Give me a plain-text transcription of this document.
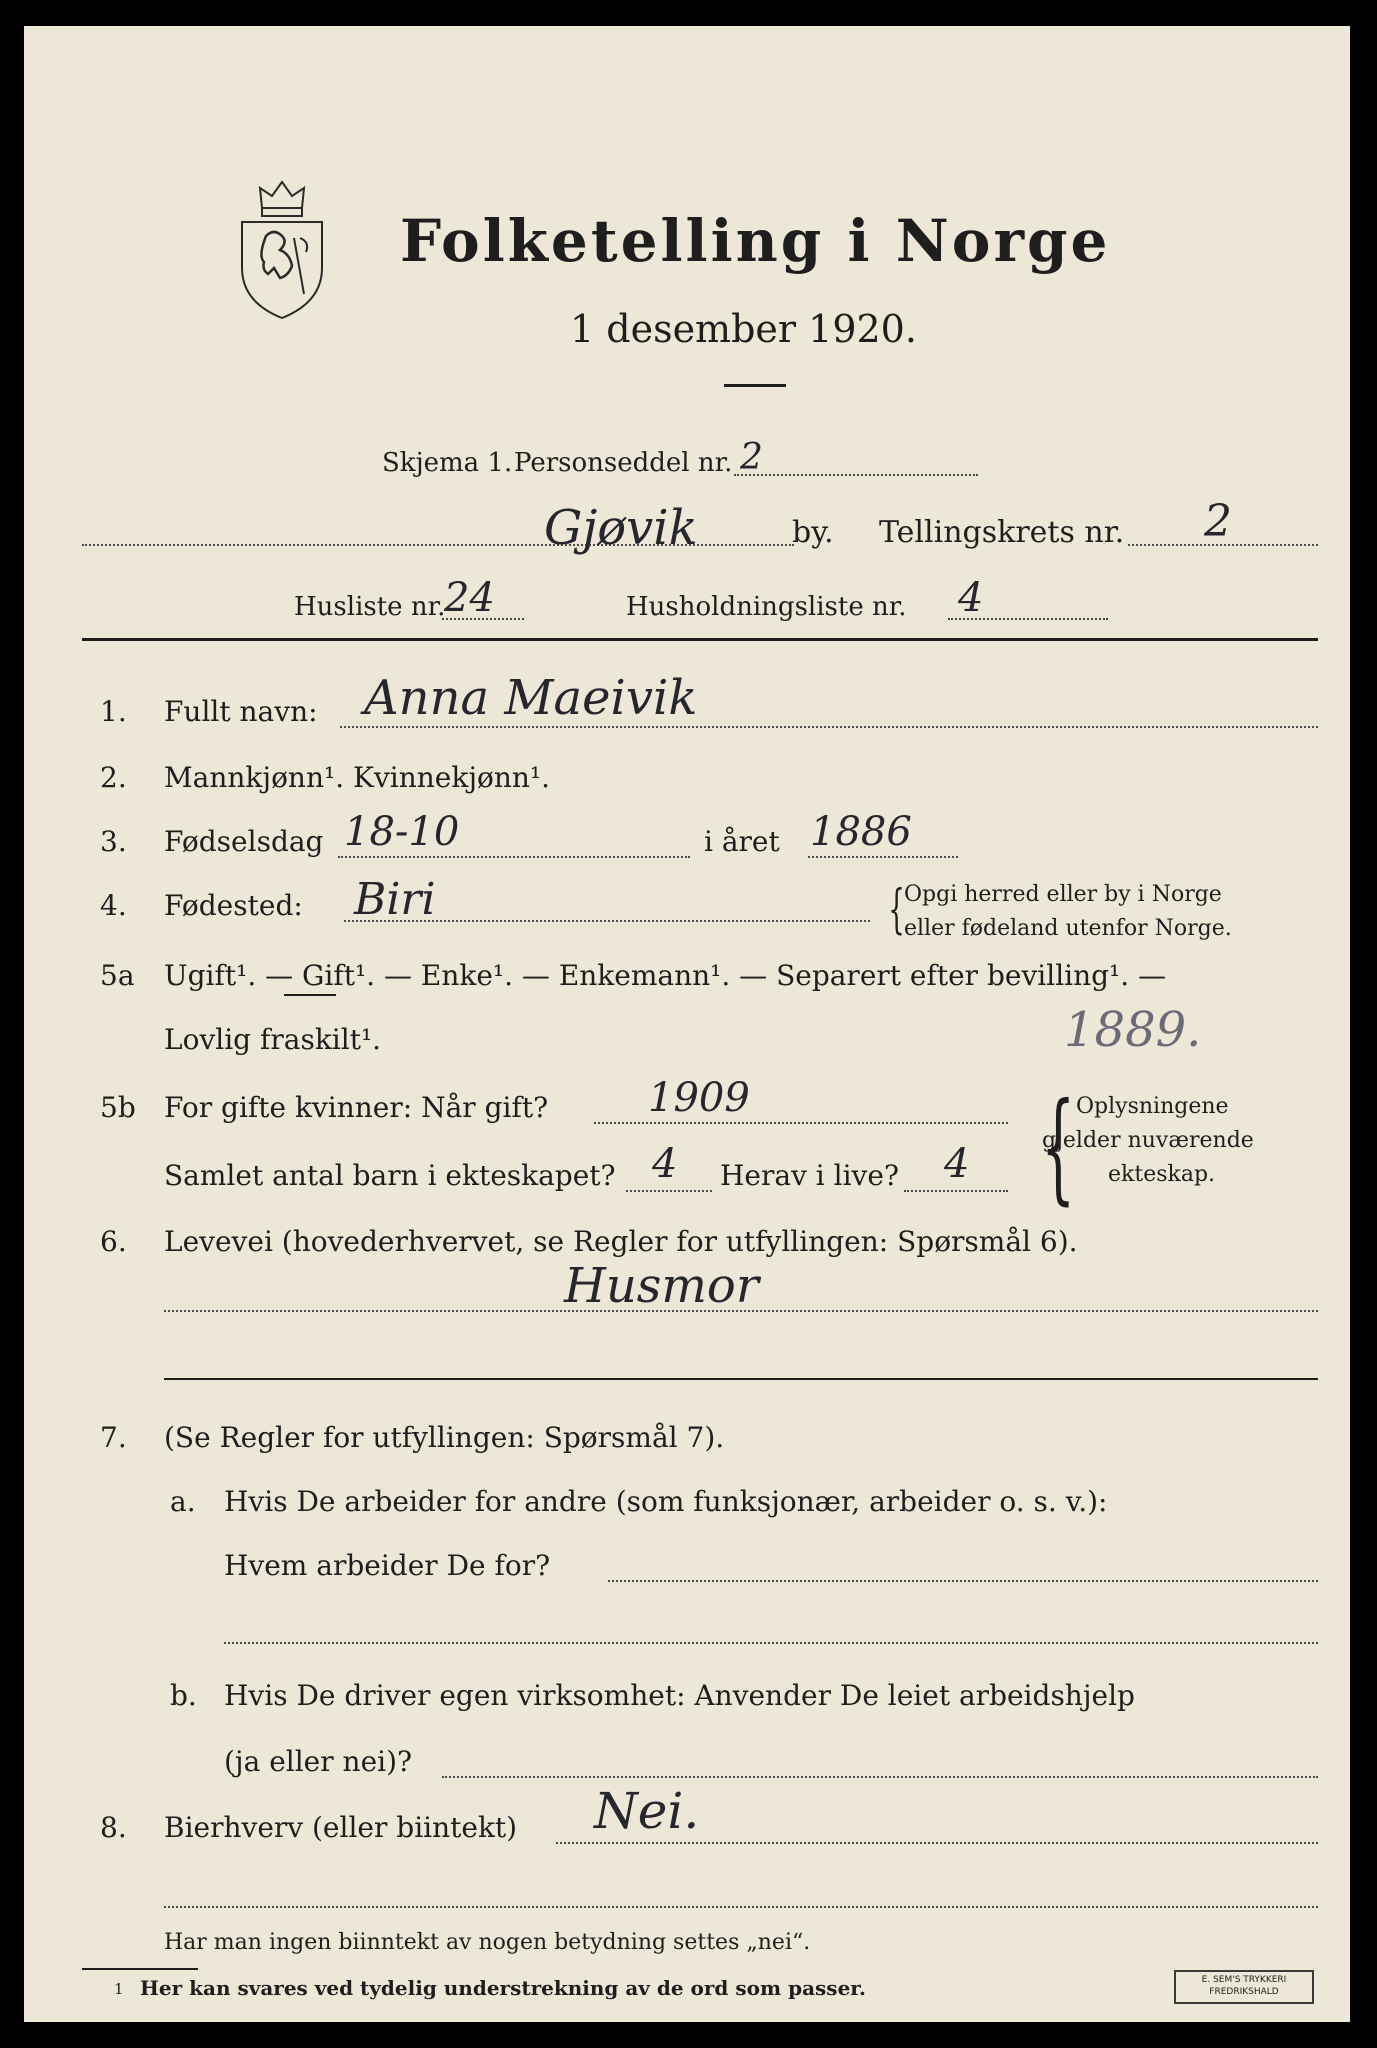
Folketelling i Norge
1 desember 1920.
Skjema 1. Personseddel nr. 2
Gjøvik	by. Tellingskrets nr. 2
Husliste nr.
24	Husholdningsliste nr. 4
1. Fullt navn: Anna Maeivik
2. Mannkjønn¹. Kvinnekjønn¹.
3. Fødselsdag 18-10	i året 1886
4. Fødested: Biri	{ Opgi herred eller by i Norge
eller fødeland utenfor Norge.
5a Ugift¹. — Gift¹. — Enke¹. — Enkemann¹. — Separert efter bevilling¹. —
Lovlig fraskilt¹.	1889.
5b For gifte kvinner: Når gift? 1909
Samlet antal barn i ekteskapet? 4 Herav i live? 4 { Oplysningene
gjelder nuværende
ekteskap.
6. Levevei (hovederhvervet, se Regler for utfyllingen: Spørsmål 6).
Husmor
7. (Se Regler for utfyllingen: Spørsmål 7).
a. Hvis De arbeider for andre (som funksjonær, arbeider o. s. v.):
Hvem arbeider De for?
b. Hvis De driver egen virksomhet: Anvender De leiet arbeidshjelp
(ja eller nei)?
8. Bierhverv (eller biintekt) Nei.
Har man ingen biinntekt av nogen betydning settes „nei“.
1 Her kan svares ved tydelig understrekning av de ord som passer.	E. SEM'S TRYKKERI
FREDRIKSHALD
